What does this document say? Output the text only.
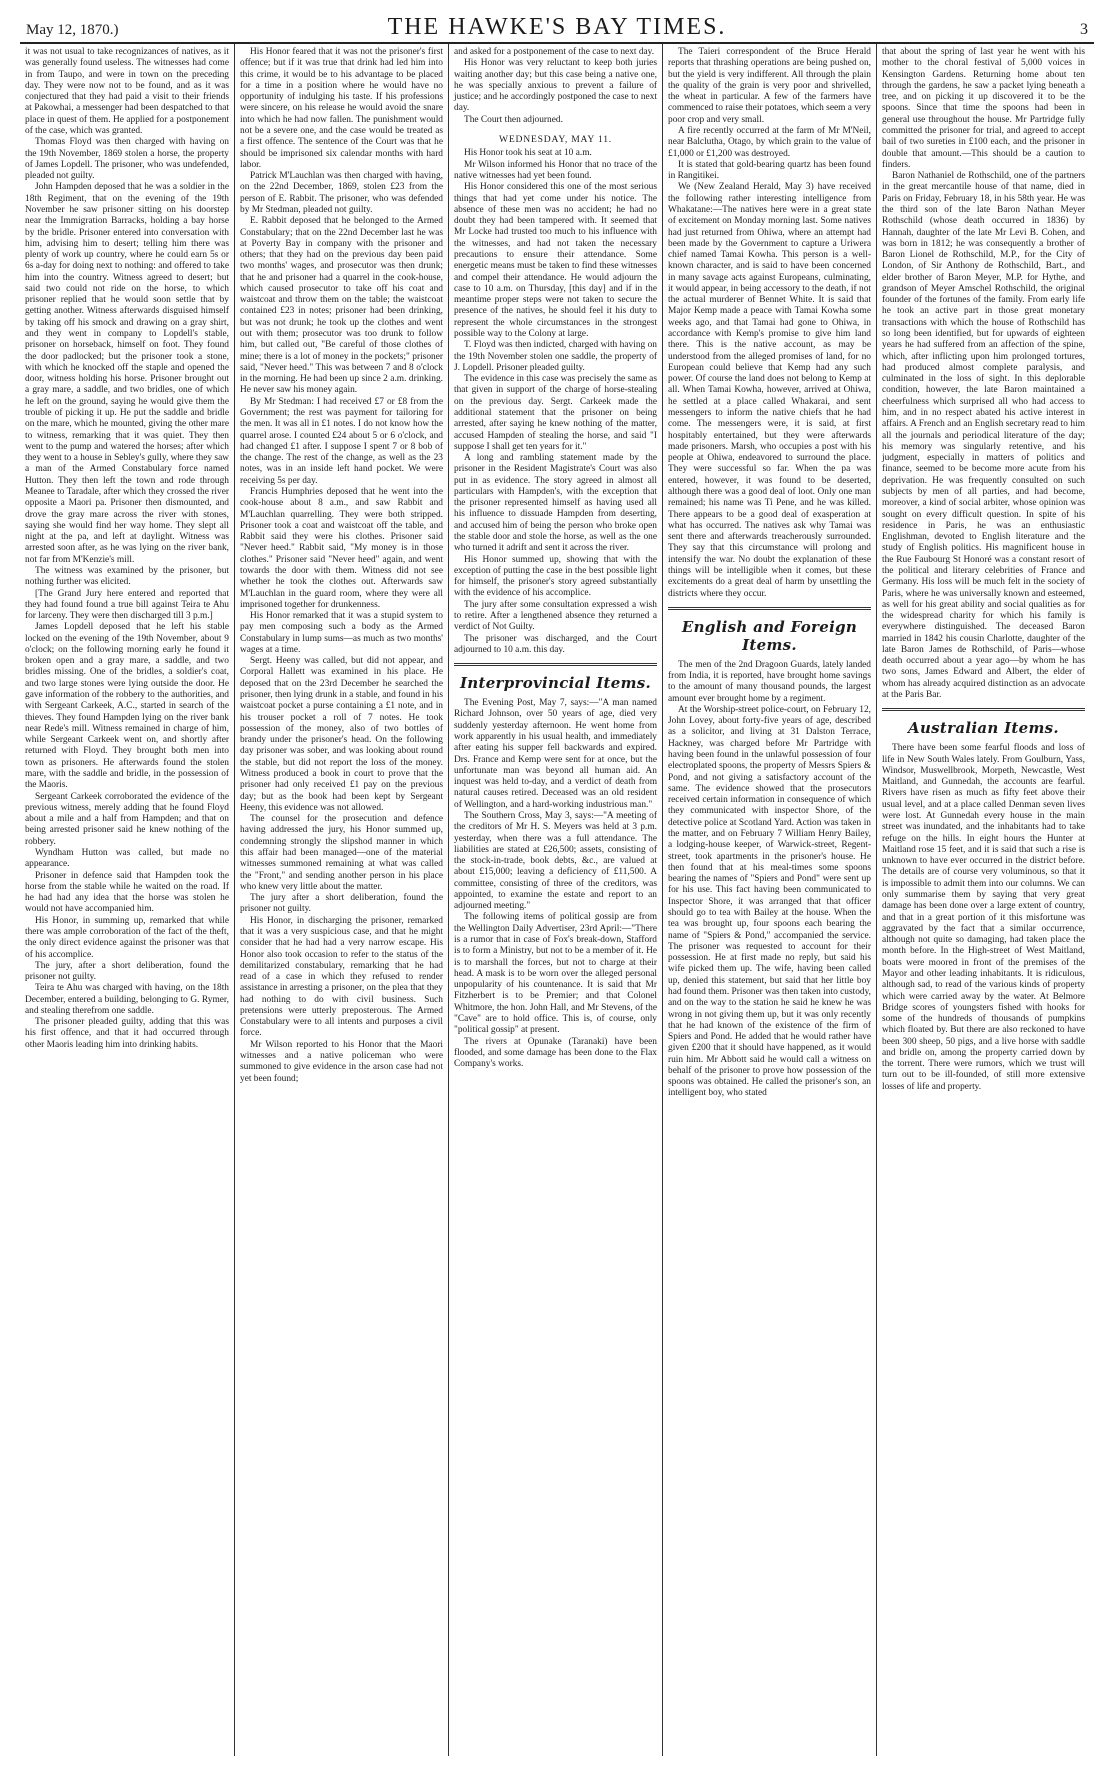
May 12, 1870.)	THE HAWKE'S BAY TIMES.	3

it was not usual to take recognizances of natives, as it was generally found useless. The witnesses had come in from Taupo, and were in town on the preceding day. They were now not to be found, and as it was conjectured that they had paid a visit to their friends at Pakowhai, a messenger had been despatched to that place in quest of them. He applied for a postponement of the case, which was granted.

Thomas Floyd was then charged with having on the 19th November, 1869 stolen a horse, the property of James Lopdell. The prisoner, who was undefended, pleaded not guilty.

John Hampden deposed that he was a soldier in the 18th Regiment, that on the evening of the 19th November he saw prisoner sitting on his doorstep near the Immigration Barracks, holding a bay horse by the bridle. Prisoner entered into conversation with him, advising him to desert; telling him there was plenty of work up country, where he could earn 5s or 6s a-day for doing next to nothing: and offered to take him into the country. Witness agreed to desert; but said two could not ride on the horse, to which prisoner replied that he would soon settle that by getting another. Witness afterwards disguised himself by taking off his smock and drawing on a gray shirt, and they went in company to Lopdell's stable, prisoner on horseback, himself on foot. They found the door padlocked; but the prisoner took a stone, with which he knocked off the staple and opened the door, witness holding his horse. Prisoner brought out a gray mare, a saddle, and two bridles, one of which he left on the ground, saying he would give them the trouble of picking it up. He put the saddle and bridle on the mare, which he mounted, giving the other mare to witness, remarking that it was quiet. They then went to the pump and watered the horses; after which they went to a house in Sebley's gully, where they saw a man of the Armed Constabulary force named Hutton. They then left the town and rode through Meanee to Taradale, after which they crossed the river opposite a Maori pa. Prisoner then dismounted, and drove the gray mare across the river with stones, saying she would find her way home. They slept all night at the pa, and left at daylight. Witness was arrested soon after, as he was lying on the river bank, not far from M'Kenzie's mill.

The witness was examined by the prisoner, but nothing further was elicited.

[The Grand Jury here entered and reported that they had found found a true bill against Teira te Ahu for larceny. They were then discharged till 3 p.m.]

James Lopdell deposed that he left his stable locked on the evening of the 19th November, about 9 o'clock; on the following morning early he found it broken open and a gray mare, a saddle, and two bridles missing. One of the bridles, a soldier's coat, and two large stones were lying outside the door. He gave information of the robbery to the authorities, and with Sergeant Carkeek, A.C., started in search of the thieves. They found Hampden lying on the river bank near Rede's mill. Witness remained in charge of him, while Sergeant Carkeek went on, and shortly after returned with Floyd. They brought both men into town as prisoners. He afterwards found the stolen mare, with the saddle and bridle, in the possession of the Maoris.

Sergeant Carkeek corroborated the evidence of the previous witness, merely adding that he found Floyd about a mile and a half from Hampden; and that on being arrested prisoner said he knew nothing of the robbery.

Wyndham Hutton was called, but made no appearance.

Prisoner in defence said that Hampden took the horse from the stable while he waited on the road. If he had had any idea that the horse was stolen he would not have accompanied him.

His Honor, in summing up, remarked that while there was ample corroboration of the fact of the theft, the only direct evidence against the prisoner was that of his accomplice.

The jury, after a short deliberation, found the prisoner not guilty.

Teira te Ahu was charged with having, on the 18th December, entered a building, belonging to G. Rymer, and stealing therefrom one saddle.

The prisoner pleaded guilty, adding that this was his first offence, and that it had occurred through other Maoris leading him into drinking habits.

His Honor feared that it was not the prisoner's first offence; but if it was true that drink had led him into this crime, it would be to his advantage to be placed for a time in a position where he would have no opportunity of indulging his taste. If his professions were sincere, on his release he would avoid the snare into which he had now fallen. The punishment would not be a severe one, and the case would be treated as a first offence. The sentence of the Court was that he should be imprisoned six calendar months with hard labor.

Patrick M'Lauchlan was then charged with having, on the 22nd December, 1869, stolen £23 from the person of E. Rabbit. The prisoner, who was defended by Mr Stedman, pleaded not guilty.

E. Rabbit deposed that he belonged to the Armed Constabulary; that on the 22nd December last he was at Poverty Bay in company with the prisoner and others; that they had on the previous day been paid two months' wages, and prosecutor was then drunk; that he and prisoner had a quarrel in the cook-house, which caused prosecutor to take off his coat and waistcoat and throw them on the table; the waistcoat contained £23 in notes; prisoner had been drinking, but was not drunk; he took up the clothes and went out with them; prosecutor was too drunk to follow him, but called out, "Be careful of those clothes of mine; there is a lot of money in the pockets;" prisoner said, "Never heed." This was between 7 and 8 o'clock in the morning. He had been up since 2 a.m. drinking. He never saw his money again.

By Mr Stedman: I had received £7 or £8 from the Government; the rest was payment for tailoring for the men. It was all in £1 notes. I do not know how the quarrel arose. I counted £24 about 5 or 6 o'clock, and had changed £1 after. I suppose I spent 7 or 8 bob of the change. The rest of the change, as well as the 23 notes, was in an inside left hand pocket. We were receiving 5s per day.

Francis Humphries deposed that he went into the cook-house about 8 a.m., and saw Rabbit and M'Lauchlan quarrelling. They were both stripped. Prisoner took a coat and waistcoat off the table, and Rabbit said they were his clothes. Prisoner said "Never heed." Rabbit said, "My money is in those clothes." Prisoner said "Never heed" again, and went towards the door with them. Witness did not see whether he took the clothes out. Afterwards saw M'Lauchlan in the guard room, where they were all imprisoned together for drunkenness.

His Honor remarked that it was a stupid system to pay men composing such a body as the Armed Constabulary in lump sums—as much as two months' wages at a time.

Sergt. Heeny was called, but did not appear, and Corporal Hallett was examined in his place. He deposed that on the 23rd December he searched the prisoner, then lying drunk in a stable, and found in his waistcoat pocket a purse containing a £1 note, and in his trouser pocket a roll of 7 notes. He took possession of the money, also of two bottles of brandy under the prisoner's head. On the following day prisoner was sober, and was looking about round the stable, but did not report the loss of the money. Witness produced a book in court to prove that the prisoner had only received £1 pay on the previous day; but as the book had been kept by Sergeant Heeny, this evidence was not allowed.

The counsel for the prosecution and defence having addressed the jury, his Honor summed up, condemning strongly the slipshod manner in which this affair had been managed—one of the material witnesses summoned remaining at what was called the "Front," and sending another person in his place who knew very little about the matter.

The jury after a short deliberation, found the prisoner not guilty.

His Honor, in discharging the prisoner, remarked that it was a very suspicious case, and that he might consider that he had had a very narrow escape. His Honor also took occasion to refer to the status of the demilitarized constabulary, remarking that he had read of a case in which they refused to render assistance in arresting a prisoner, on the plea that they had nothing to do with civil business. Such pretensions were utterly preposterous. The Armed Constabulary were to all intents and purposes a civil force.

Mr Wilson reported to his Honor that the Maori witnesses and a native policeman who were summoned to give evidence in the arson case had not yet been found;

and asked for a postponement of the case to next day.

His Honor was very reluctant to keep both juries waiting another day; but this case being a native one, he was specially anxious to prevent a failure of justice; and he accordingly postponed the case to next day.

The Court then adjourned.

WEDNESDAY, MAY 11.

His Honor took his seat at 10 a.m.

Mr Wilson informed his Honor that no trace of the native witnesses had yet been found.

His Honor considered this one of the most serious things that had yet come under his notice. The absence of these men was no accident; he had no doubt they had been tampered with. It seemed that Mr Locke had trusted too much to his influence with the witnesses, and had not taken the necessary precautions to ensure their attendance. Some energetic means must be taken to find these witnesses and compel their attendance. He would adjourn the case to 10 a.m. on Thursday, [this day] and if in the meantime proper steps were not taken to secure the presence of the natives, he should feel it his duty to represent the whole circumstances in the strongest possible way to the Colony at large.

T. Floyd was then indicted, charged with having on the 19th November stolen one saddle, the property of J. Lopdell. Prisoner pleaded guilty.

The evidence in this case was precisely the same as that given in support of the charge of horse-stealing on the previous day. Sergt. Carkeek made the additional statement that the prisoner on being arrested, after saying he knew nothing of the matter, accused Hampden of stealing the horse, and said "I suppose I shall get ten years for it."

A long and rambling statement made by the prisoner in the Resident Magistrate's Court was also put in as evidence. The story agreed in almost all particulars with Hampden's, with the exception that the prisoner represented himself as having used all his influence to dissuade Hampden from deserting, and accused him of being the person who broke open the stable door and stole the horse, as well as the one who turned it adrift and sent it across the river.

His Honor summed up, showing that with the exception of putting the case in the best possible light for himself, the prisoner's story agreed substantially with the evidence of his accomplice.

The jury after some consultation expressed a wish to retire. After a lengthened absence they returned a verdict of Not Guilty.

The prisoner was discharged, and the Court adjourned to 10 a.m. this day.

Interprovincial Items.

The Evening Post, May 7, says:—"A man named Richard Johnson, over 50 years of age, died very suddenly yesterday afternoon. He went home from work apparently in his usual health, and immediately after eating his supper fell backwards and expired. Drs. France and Kemp were sent for at once, but the unfortunate man was beyond all human aid. An inquest was held to-day, and a verdict of death from natural causes retired. Deceased was an old resident of Wellington, and a hard-working industrious man."

The Southern Cross, May 3, says:—"A meeting of the creditors of Mr H. S. Meyers was held at 3 p.m. yesterday, when there was a full attendance. The liabilities are stated at £26,500; assets, consisting of the stock-in-trade, book debts, &c., are valued at about £15,000; leaving a deficiency of £11,500. A committee, consisting of three of the creditors, was appointed, to examine the estate and report to an adjourned meeting."

The following items of political gossip are from the Wellington Daily Advertiser, 23rd April:—"There is a rumor that in case of Fox's break-down, Stafford is to form a Ministry, but not to be a member of it. He is to marshall the forces, but not to charge at their head. A mask is to be worn over the alleged personal unpopularity of his countenance. It is said that Mr Fitzherbert is to be Premier; and that Colonel Whitmore, the hon. John Hall, and Mr Stevens, of the "Cave" are to hold office. This is, of course, only "political gossip" at present.

The rivers at Opunake (Taranaki) have been flooded, and some damage has been done to the Flax Company's works.

The Taieri correspondent of the Bruce Herald reports that thrashing operations are being pushed on, but the yield is very indifferent. All through the plain the quality of the grain is very poor and shrivelled, the wheat in particular. A few of the farmers have commenced to raise their potatoes, which seem a very poor crop and very small.

A fire recently occurred at the farm of Mr M'Neil, near Balclutha, Otago, by which grain to the value of £1,000 or £1,200 was destroyed.

It is stated that gold-bearing quartz has been found in Rangitikei.

We (New Zealand Herald, May 3) have received the following rather interesting intelligence from Whakatane:—The natives here were in a great state of excitement on Monday morning last. Some natives had just returned from Ohiwa, where an attempt had been made by the Government to capture a Uriwera chief named Tamai Kowha. This person is a well-known character, and is said to have been concerned in many savage acts against Europeans, culminating, it would appear, in being accessory to the death, if not the actual murderer of Bennet White. It is said that Major Kemp made a peace with Tamai Kowha some weeks ago, and that Tamai had gone to Ohiwa, in accordance with Kemp's promise to give him land there. This is the native account, as may be understood from the alleged promises of land, for no European could believe that Kemp had any such power. Of course the land does not belong to Kemp at all. When Tamai Kowha, however, arrived at Ohiwa, he settled at a place called Whakarai, and sent messengers to inform the native chiefs that he had come. The messengers were, it is said, at first hospitably entertained, but they were afterwards made prisoners. Marsh, who occupies a post with his people at Ohiwa, endeavored to surround the place. They were successful so far. When the pa was entered, however, it was found to be deserted, although there was a good deal of loot. Only one man remained; his name was Ti Pene, and he was killed. There appears to be a good deal of exasperation at what has occurred. The natives ask why Tamai was sent there and afterwards treacherously surrounded. They say that this circumstance will prolong and intensify the war. No doubt the explanation of these things will be intelligible when it comes, but these excitements do a great deal of harm by unsettling the districts where they occur.

English and Foreign Items.

The men of the 2nd Dragoon Guards, lately landed from India, it is reported, have brought home savings to the amount of many thousand pounds, the largest amount ever brought home by a regiment.

At the Worship-street police-court, on February 12, John Lovey, about forty-five years of age, described as a solicitor, and living at 31 Dalston Terrace, Hackney, was charged before Mr Partridge with having been found in the unlawful possession of four electroplated spoons, the property of Messrs Spiers & Pond, and not giving a satisfactory account of the same. The evidence showed that the prosecutors received certain information in consequence of which they communicated with inspector Shore, of the detective police at Scotland Yard. Action was taken in the matter, and on February 7 William Henry Bailey, a lodging-house keeper, of Warwick-street, Regent-street, took apartments in the prisoner's house. He then found that at his meal-times some spoons bearing the names of "Spiers and Pond" were sent up for his use. This fact having been communicated to Inspector Shore, it was arranged that that officer should go to tea with Bailey at the house. When the tea was brought up, four spoons each bearing the name of "Spiers & Pond," accompanied the service. The prisoner was requested to account for their possession. He at first made no reply, but said his wife picked them up. The wife, having been called up, denied this statement, but said that her little boy had found them. Prisoner was then taken into custody, and on the way to the station he said he knew he was wrong in not giving them up, but it was only recently that he had known of the existence of the firm of Spiers and Pond. He added that he would rather have given £200 that it should have happened, as it would ruin him. Mr Abbott said he would call a witness on behalf of the prisoner to prove how possession of the spoons was obtained. He called the prisoner's son, an intelligent boy, who stated

that about the spring of last year he went with his mother to the choral festival of 5,000 voices in Kensington Gardens. Returning home about ten through the gardens, he saw a packet lying beneath a tree, and on picking it up discovered it to be the spoons. Since that time the spoons had been in general use throughout the house. Mr Partridge fully committed the prisoner for trial, and agreed to accept bail of two sureties in £100 each, and the prisoner in double that amount.—This should be a caution to finders.

Baron Nathaniel de Rothschild, one of the partners in the great mercantile house of that name, died in Paris on Friday, February 18, in his 58th year. He was the third son of the late Baron Nathan Meyer Rothschild (whose death occurred in 1836) by Hannah, daughter of the late Mr Levi B. Cohen, and was born in 1812; he was consequently a brother of Baron Lionel de Rothschild, M.P., for the City of London, of Sir Anthony de Rothschild, Bart., and elder brother of Baron Meyer, M.P. for Hythe, and grandson of Meyer Amschel Rothschild, the original founder of the fortunes of the family. From early life he took an active part in those great monetary transactions with which the house of Rothschild has so long been identified, but for upwards of eighteen years he had suffered from an affection of the spine, which, after inflicting upon him prolonged tortures, had produced almost complete paralysis, and culminated in the loss of sight. In this deplorable condition, however, the late Baron maintained a cheerfulness which surprised all who had access to him, and in no respect abated his active interest in affairs. A French and an English secretary read to him all the journals and periodical literature of the day; his memory was singularly retentive, and his judgment, especially in matters of politics and finance, seemed to be become more acute from his deprivation. He was frequently consulted on such subjects by men of all parties, and had become, moreover, a kind of social arbiter, whose opinion was sought on every difficult question. In spite of his residence in Paris, he was an enthusiastic Englishman, devoted to English literature and the study of English politics. His magnificent house in the Rue Faubourg St Honoré was a constant resort of the political and literary celebrities of France and Germany. His loss will be much felt in the society of Paris, where he was universally known and esteemed, as well for his great ability and social qualities as for the widespread charity for which his family is everywhere distinguished. The deceased Baron married in 1842 his cousin Charlotte, daughter of the late Baron James de Rothschild, of Paris—whose death occurred about a year ago—by whom he has two sons, James Edward and Albert, the elder of whom has already acquired distinction as an advocate at the Paris Bar.

Australian Items.

There have been some fearful floods and loss of life in New South Wales lately. From Goulburn, Yass, Windsor, Muswellbrook, Morpeth, Newcastle, West Maitland, and Gunnedah, the accounts are fearful. Rivers have risen as much as fifty feet above their usual level, and at a place called Denman seven lives were lost. At Gunnedah every house in the main street was inundated, and the inhabitants had to take refuge on the hills. In eight hours the Hunter at Maitland rose 15 feet, and it is said that such a rise is unknown to have ever occurred in the district before. The details are of course very voluminous, so that it is impossible to admit them into our columns. We can only summarise them by saying that very great damage has been done over a large extent of country, and that in a great portion of it this misfortune was aggravated by the fact that a similar occurrence, although not quite so damaging, had taken place the month before. In the High-street of West Maitland, boats were moored in front of the premises of the Mayor and other leading inhabitants. It is ridiculous, although sad, to read of the various kinds of property which were carried away by the water. At Belmore Bridge scores of youngsters fished with hooks for some of the hundreds of thousands of pumpkins which floated by. But there are also reckoned to have been 300 sheep, 50 pigs, and a live horse with saddle and bridle on, among the property carried down by the torrent. There were rumors, which we trust will turn out to be ill-founded, of still more extensive losses of life and property.
